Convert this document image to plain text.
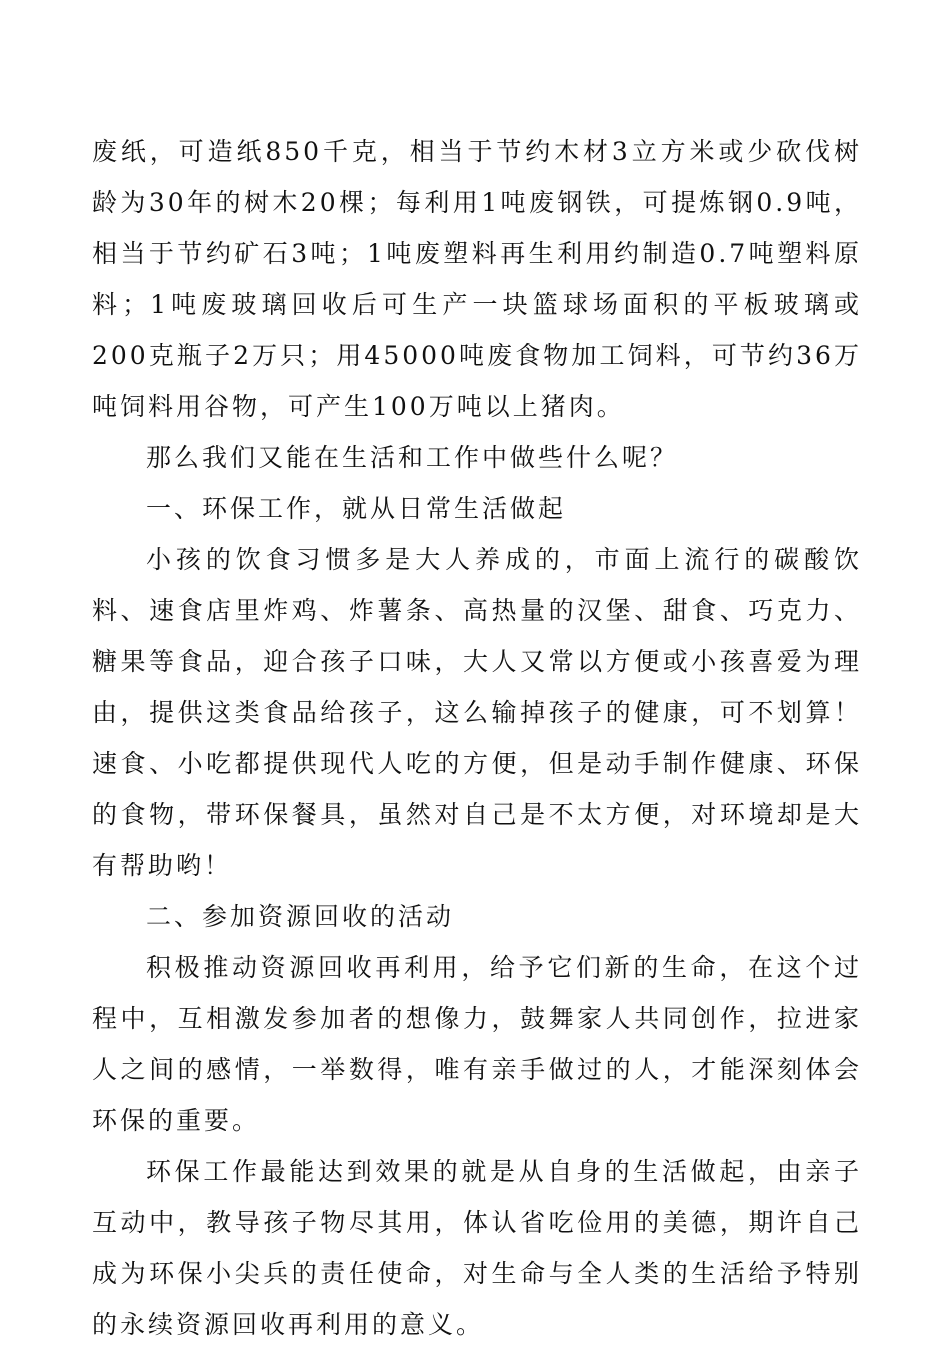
废纸，可造纸850千克，相当于节约木材3立方米或少砍伐树龄为30年的树木20棵；每利用1吨废钢铁，可提炼钢0.9吨，相当于节约矿石3吨；1吨废塑料再生利用约制造0.7吨塑料原料；1吨废玻璃回收后可生产一块篮球场面积的平板玻璃或200克瓶子2万只；用45000吨废食物加工饲料，可节约36万吨饲料用谷物，可产生100万吨以上猪肉。

那么我们又能在生活和工作中做些什么呢？

一、环保工作，就从日常生活做起

小孩的饮食习惯多是大人养成的，市面上流行的碳酸饮料、速食店里炸鸡、炸薯条、高热量的汉堡、甜食、巧克力、糖果等食品，迎合孩子口味，大人又常以方便或小孩喜爱为理由，提供这类食品给孩子，这么输掉孩子的健康，可不划算！速食、小吃都提供现代人吃的方便，但是动手制作健康、环保的食物，带环保餐具，虽然对自己是不太方便，对环境却是大有帮助哟！

二、参加资源回收的活动

积极推动资源回收再利用，给予它们新的生命，在这个过程中，互相激发参加者的想像力，鼓舞家人共同创作，拉进家人之间的感情，一举数得，唯有亲手做过的人，才能深刻体会环保的重要。

环保工作最能达到效果的就是从自身的生活做起，由亲子互动中，教导孩子物尽其用，体认省吃俭用的美德，期许自己成为环保小尖兵的责任使命，对生命与全人类的生活给予特别的永续资源回收再利用的意义。
